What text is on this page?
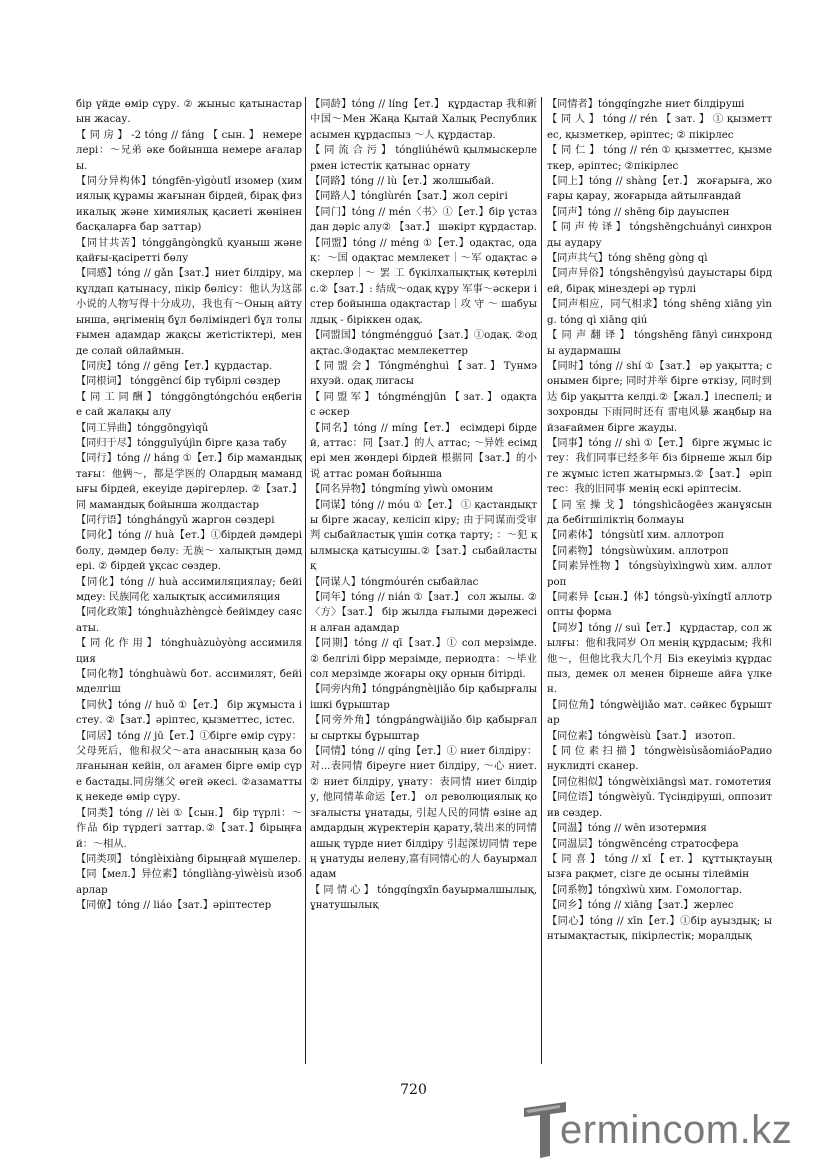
бір үйде өмір сүру. ② жыныс қатынастарын жасау.

【 同 房 】 -2 tóng // fáng 【 сын. 】 немерелері：～兄弟 әке бойынша немере ағалары.

【同分异构体】tóngfēn-yìgòutǐ изомер (химиялық құрамы жағынан бірдей, бірақ физикалық және химиялық қасиеті жөнінен басқаларға бар заттар)

【同甘共苦】tónggāngòngkǔ қуаныш және қайғы-қасіретті бөлу

【同感】tóng // gǎn【зат.】ниет білдіру, мақұлдап қатынасу, пікір бөлісу：他认为这部小说的人物写得十分成功，我也有～Оның айтуынша, әңгіменің бұл бөліміндегі бұл толығымен адамдар жақсы жетістіктері, мен де солай ойлаймын.

【同庚】tóng // gēng【ет.】құрдастар.

【同根词】 tónggēncí бір түбірлі сөздер

【 同 工 同 酬 】 tónggōngtóngchóu еңбегіне сай жалақы алу

【同工异曲】tónggōngyìqǔ

【同归于尽】tóngguīyújìn бірге қаза табу

【同行】tóng // háng ①【ет.】бір мамандықтағы：他俩～，都是学医的 Олардың мамандығы бірдей, екеуіде дәрігерлер. ②【зат.】同 мамандық бойынша жолдастар

【同行语】tónghángyǔ жаргон сөздері

【同化】tóng // huà【ет.】①бірдей дәмдері болу, дәмдер бөлу: 无族～ халықтың дәмдері. ② бірдей ұқсас сөздер.

【同化】tóng // huà ассимиляциялау; бейімдеу: 民族同化 халықтық ассимиляция

【同化政策】tónghuàzhèngcè бейімдеу саясаты.

【 同 化 作 用 】 tónghuàzuòyòng ассимиляция

【同化物】tónghuàwù бот. ассимилят, бейімделгіш

【同伙】tóng // huǒ ①【ет.】 бір жұмыста істеу. ②【зат.】әріптес, қызметтес, істес.

【同居】tóng // jū【ет.】①бірге өмір сүру：父母死后，他和叔父～ата анасының қаза болғанынан кейін, ол ағамен бірге өмір сүре бастады.同房继父 өгей әкесі. ②азаматтық некеде өмір сүру.

【同类】tóng // lèi ①【сын.】 бір түрлі：～作品 бір түрдегі заттар.②【зат.】бірыңғай：～相从.

【同类项】 tónglèixiàng бірыңғай мүшелер.

【同【мел.】异位素】tónglìàng-yìwèisù изобарлар

【同僚】tóng // liáo【зат.】әріптестер

【同龄】tóng // líng【ет.】 құрдастар 我和新中国～Мен Жаңа Қытай Халық Республикасымен құрдаспыз ～人 құрдастар.

【 同 流 合 污 】 tóngliúhéwū қылмыскерлермен істестік қатынас орнату

【同路】tóng // lù【ет.】жолшыбай.

【同路人】tónglùrén【зат.】жол серігі

【同门】tóng // mén〈书〉①【ет.】бір ұстаздан дәріс алу② 【зат.】 шәкірт құрдастар.

【同盟】tóng // méng ①【ет.】одақтас, одақ：～国 одақтас мемлекет｜～军 одақтас әскерлер｜～ 罢 工 бүкілхалықтық көтеріліс.②【зат.】: 结成～одақ құру 军事～әскери істер бойынша одақтастар｜攻 守 ～ шабуылдық - біріккен одақ.

【同盟国】tóngméngguó【зат.】①одақ. ②одақтас.③одақтас мемлекеттер

【 同 盟 会 】 Tóngménghuì 【 зат. 】 Тунмэнхуэй. одақ лигасы

【 同 盟 军 】 tóngméngjūn 【 зат. 】 одақтас әскер

【同名】tóng // míng【ет.】 есімдері бірдей, аттас：同【зат.】的人 аттас; ～异姓 есімдері мен жөндері бірдей 根据同【зат.】的小说 аттас роман бойынша

【同名异物】tóngmíng yìwù омоним

【同谋】tóng // móu ①【ет.】 ① қастандықты бірге жасау, келісіп кіру; 由于同谋而受审判 сыбайластық үшін сотқа тарту; ：～犯 қылмысқа қатысушы.②【зат.】сыбайластық

【同谋人】tóngmóurén сыбайлас

【同年】tóng // nián ①【зат.】 сол жылы. ②〈方〉【зат.】 бір жылда ғылыми дәрежесін алған адамдар

【同期】tóng // qī【зат.】① сол мерзімде. ② белгілі бірр мерзімде, периодта：～毕业 сол мерзімде жоғары оқу орнын бітірді.

【同旁内角】tóngpángnèijiǎo бір қабырғалы ішкі бұрыштар

【同旁外角】tóngpángwàijiǎo бір қабырғалы сырткы бұрыштар

【同情】tóng // qíng【ет.】① ниет білдіру：对...表同情 біреуге ниет білдіру, ～心 ниет. ② ниет білдіру, ұнату：表同情 ниет білдіру, 他同情革命运【ет.】 ол революциялық қозғалысты ұнатады, 引起人民的同情 өзіне адамдардың жүректерін қарату,装出来的同情 ашық түрде ниет білдіру 引起深切同情 терең ұнатуды иелену,富有同情心的人 бауырмал адам

【 同 情 心 】 tóngqíngxīn бауырмалшылық, ұнатушылық

【同情者】tóngqíngzhe ниет білдіруші

【 同 人 】 tóng // rén 【 зат. 】 ① қызметтес, қызметкер, әріптес; ② пікірлес

【 同 仁 】 tóng // rén ① қызметтес, қызметкер, әріптес; ②пікірлес

【同上】tóng // shàng【ет.】 жоғарыға, жоғары қарау, жоғарыда айтылғандай

【同声】tóng // shēng бір дауыспен

【 同 声 传 译 】 tóngshēngchuányì синхронды аудару

【同声共气】tóng shēng gòng qì

【同声异俗】tóngshēngyìsú дауыстары бірдей, бірақ мінездері әр түрлі

【同声相应，同气相求】tóng shēng xiāng yìng. tóng qì xiāng qiú

【 同 声 翻 译 】 tóngshēng fānyì синхронды аудармашы

【同时】tóng // shí ①【зат.】 әр уақытта; сонымен бірге; 同时并举 бірге өткізу, 同时到达 бір уақытта келді.②【жал.】ілеспелі; изохронды 下雨同时还有 雷电风暴 жаңбыр найзағаймен бірге жауды.

【同事】tóng // shì ①【ет.】 бірге жұмыс істеу：我们同事已经多年 біз бірнеше жыл бірге жұмыс істеп жатырмыз.②【зат.】 әріптес：我的旧同事 менің ескі әріптесім.

【 同 室 操 戈 】 tóngshìcāogēез жанұясында бебітшіліктің болмауы

【同素体】 tóngsùtǐ хим. аллотроп

【同素物】 tóngsùwùхим. аллотроп

【同素异性物 】 tóngsùyìxìngwù хим. аллотроп

【同素异【сын.】体】tóngsù-yìxíngtǐ аллотропты форма

【同岁】tóng // suì【ет.】 құрдастар, сол жылғы：他和我同岁 Ол менің құрдасым; 我和他～，但他比我大几个月 Біз екеуіміз құрдаспыз, демек ол менен бірнеше айға үлкен.

【同位角】tóngwèijiǎo мат. сәйкес бұрыштар

【同位素】tóngwèisù【зат.】 изотоп.

【 同 位 素 扫 描 】 tóngwèisùsǎomiáoРадионуклидті сканер.

【同位相似】tóngwèixiāngsì мат. гомотетия

【同位语】tóngwèiyǔ. Түсіндіруші, оппозитив сөздер.

【同温】tóng // wēn изотермия

【同温层】tóngwēncéng стратосфера

【 同 喜 】 tóng // xǐ 【 ет. 】 құттықтауыңызға рақмет, сізге де осыны тілеймін

【同系物】tóngxìwù хим. Гомологтар.

【同乡】tóng // xiāng【зат.】жерлес

【同心】tóng // xīn【ет.】①бір ауыздық; ынтымақтастық, пікірлестік; моралдық

720
ermincom.kz
